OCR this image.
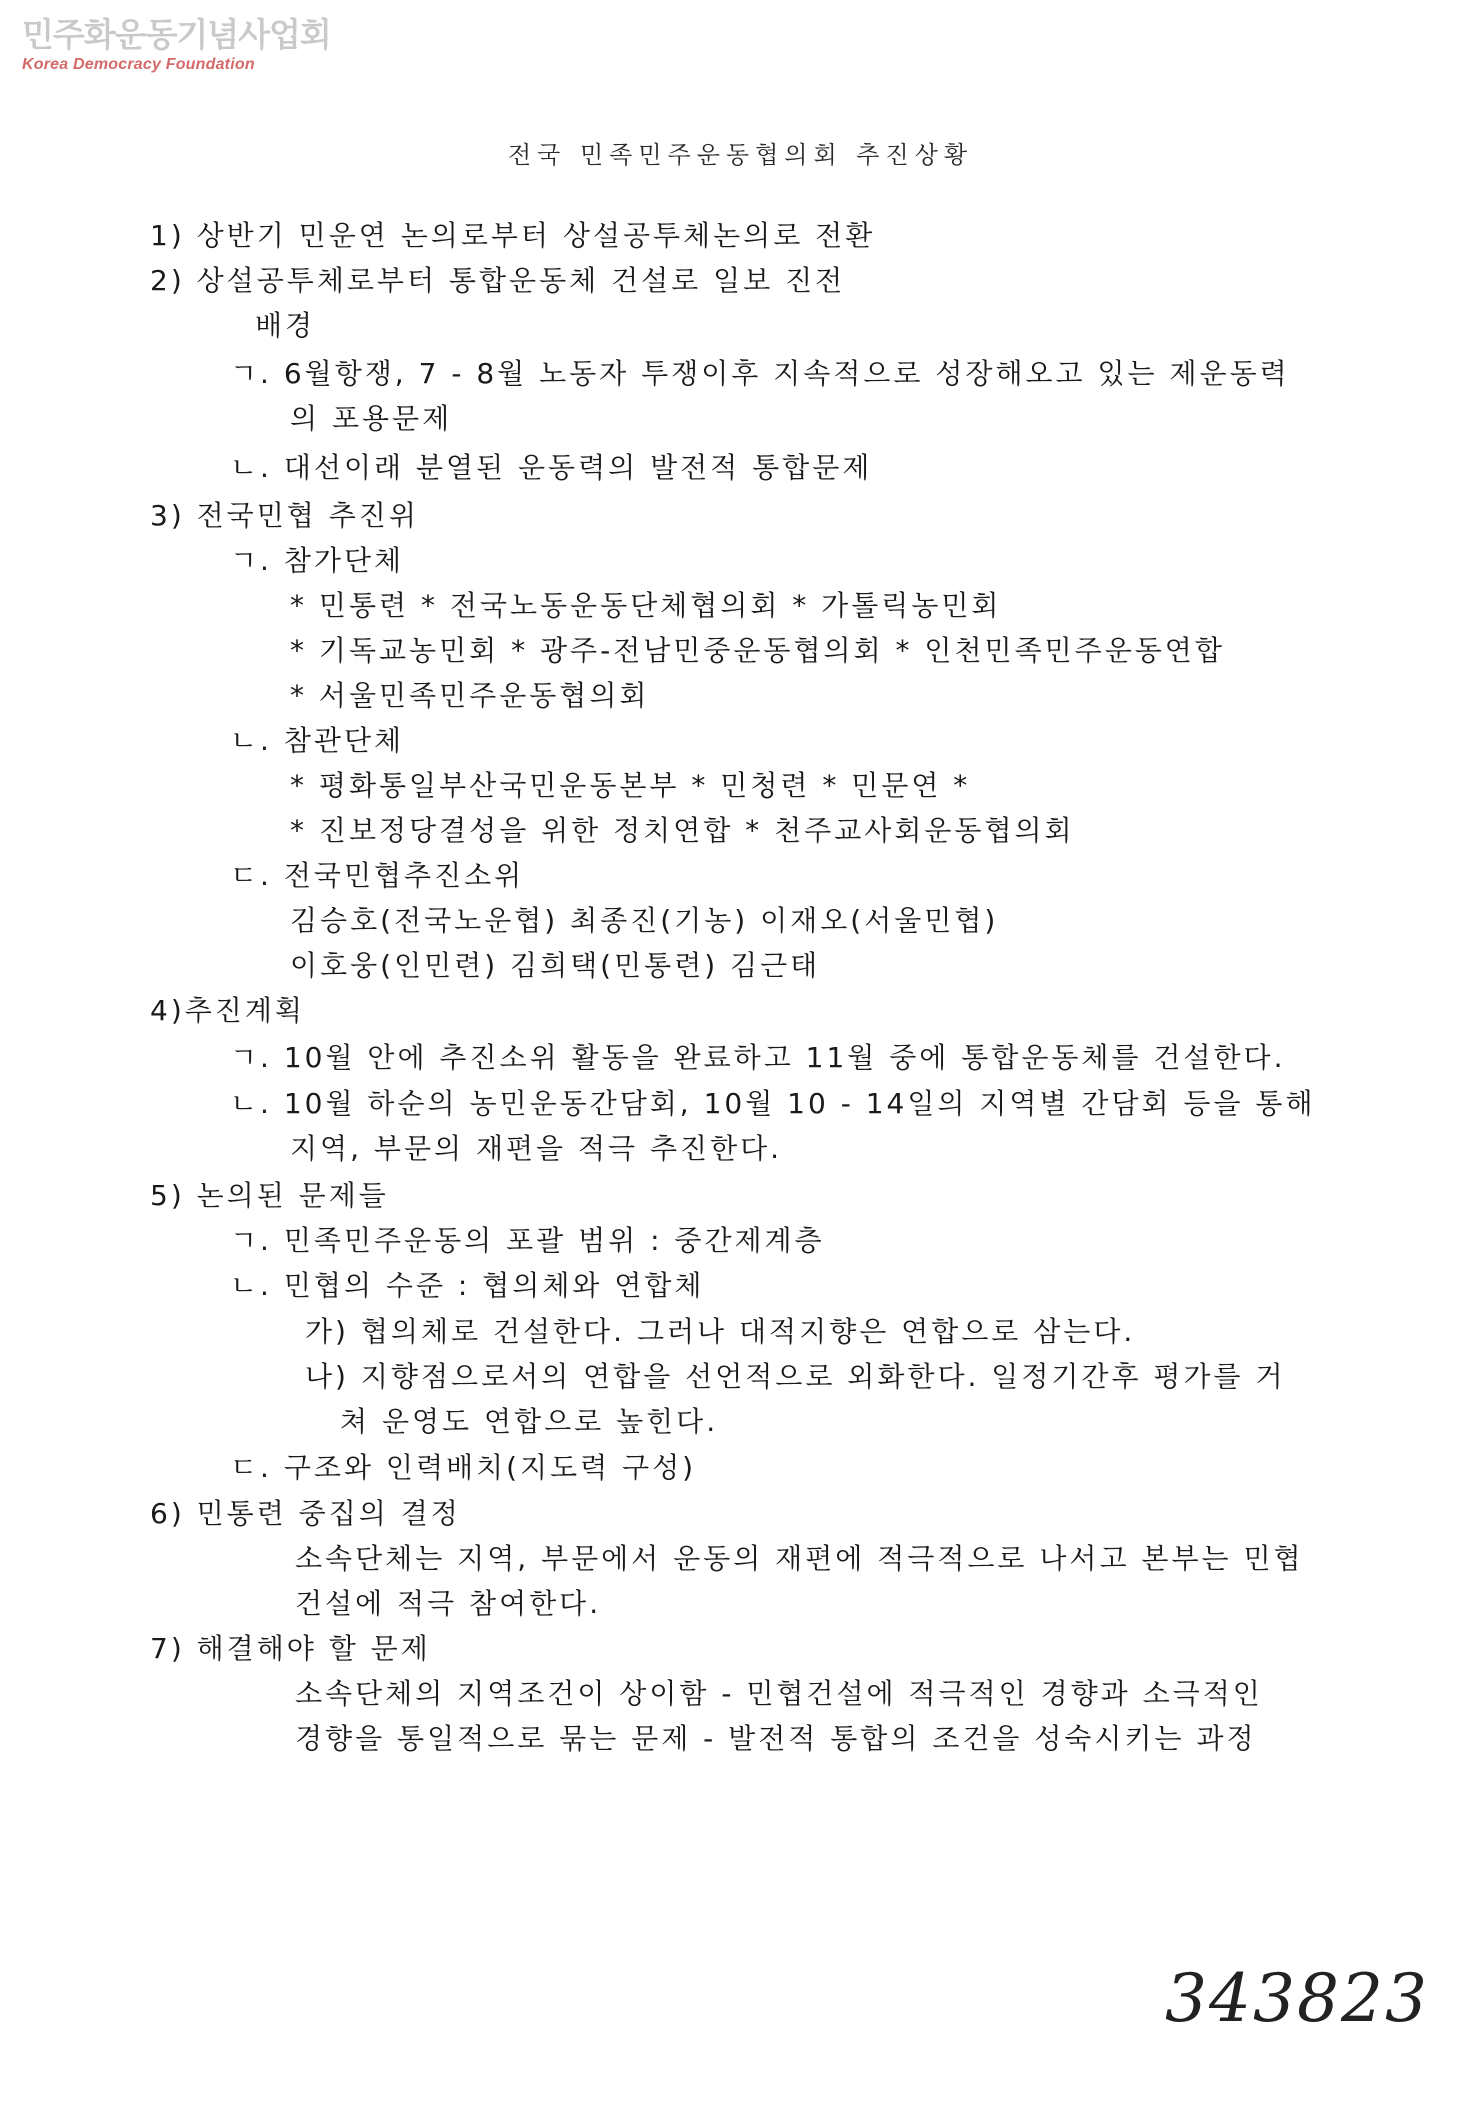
민주화운동기념사업회
Korea Democracy Foundation
전국 민족민주운동협의회 추진상황
1) 상반기 민운연 논의로부터 상설공투체논의로 전환
2) 상설공투체로부터 통합운동체 건설로 일보 진전
배경
ㄱ. 6월항쟁, 7 - 8월 노동자 투쟁이후 지속적으로 성장해오고 있는 제운동력
의 포용문제
ㄴ. 대선이래 분열된 운동력의 발전적 통합문제
3) 전국민협 추진위
ㄱ. 참가단체
* 민통련 * 전국노동운동단체협의회 * 가톨릭농민회
* 기독교농민회 * 광주-전남민중운동협의회 * 인천민족민주운동연합
* 서울민족민주운동협의회
ㄴ. 참관단체
* 평화통일부산국민운동본부 * 민청련 * 민문연 *
* 진보정당결성을 위한 정치연합 * 천주교사회운동협의회
ㄷ. 전국민협추진소위
김승호(전국노운협) 최종진(기농) 이재오(서울민협)
이호웅(인민련) 김희택(민통련) 김근태
4)추진계획
ㄱ. 10월 안에 추진소위 활동을 완료하고 11월 중에 통합운동체를 건설한다.
ㄴ. 10월 하순의 농민운동간담회, 10월 10 - 14일의 지역별 간담회 등을 통해
지역, 부문의 재편을 적극 추진한다.
5) 논의된 문제들
ㄱ. 민족민주운동의 포괄 범위 : 중간제계층
ㄴ. 민협의 수준 : 협의체와 연합체
가) 협의체로 건설한다. 그러나 대적지향은 연합으로 삼는다.
나) 지향점으로서의 연합을 선언적으로 외화한다. 일정기간후 평가를 거
쳐 운영도 연합으로 높힌다.
ㄷ. 구조와 인력배치(지도력 구성)
6) 민통련 중집의 결정
소속단체는 지역, 부문에서 운동의 재편에 적극적으로 나서고 본부는 민협
건설에 적극 참여한다.
7) 해결해야 할 문제
소속단체의 지역조건이 상이함 - 민협건설에 적극적인 경향과 소극적인
경향을 통일적으로 묶는 문제 - 발전적 통합의 조건을 성숙시키는 과정
343823
